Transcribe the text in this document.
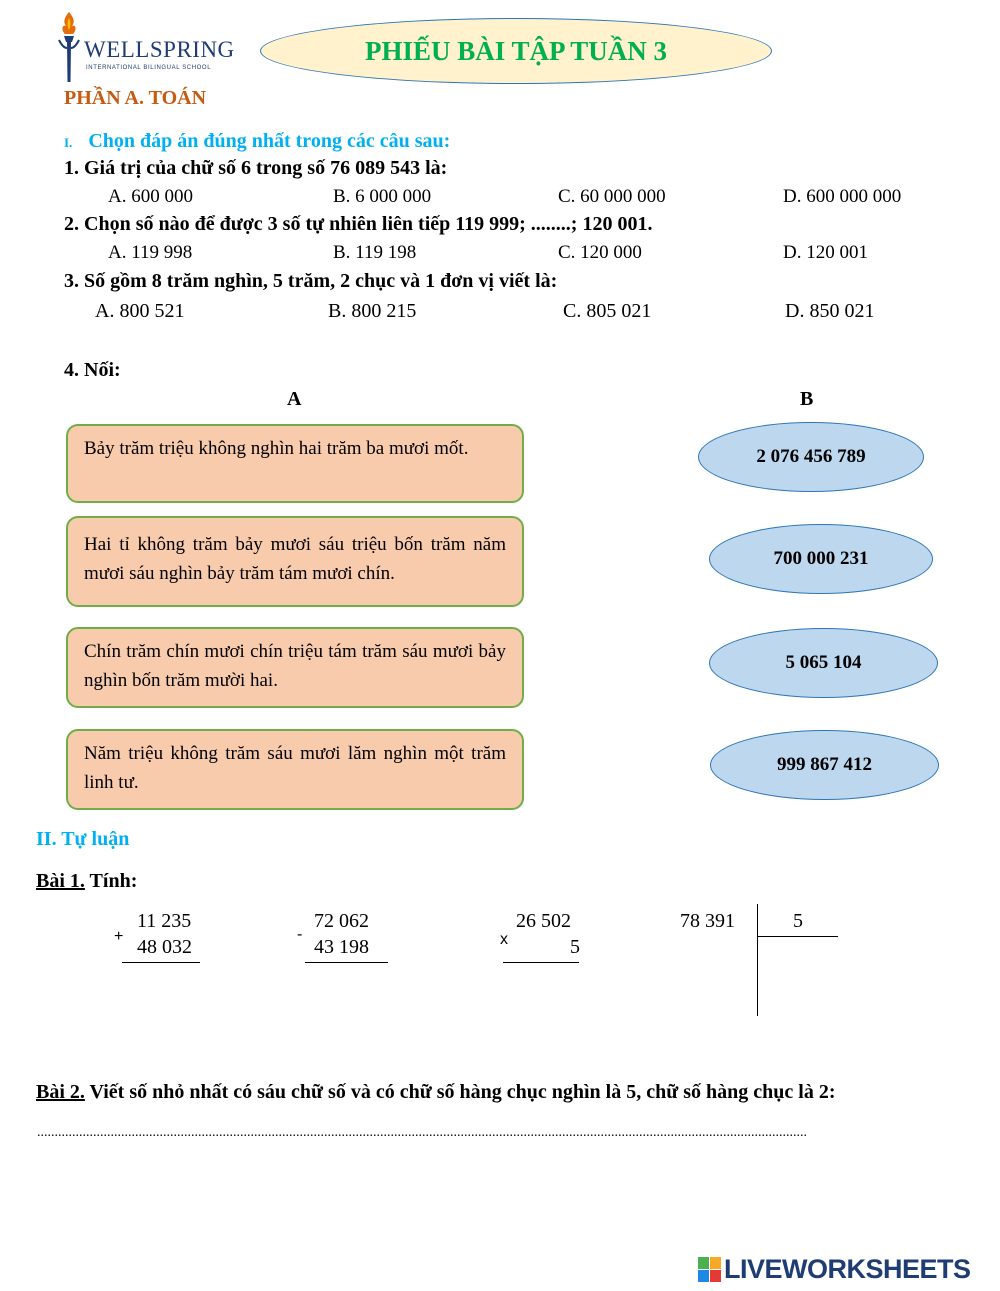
WELLSPRING
INTERNATIONAL BILINGUAL SCHOOL
PHIẾU BÀI TẬP TUẦN 3
PHẦN A. TOÁN
I. Chọn đáp án đúng nhất trong các câu sau:
1. Giá trị của chữ số 6 trong số 76 089 543 là:
A. 600 000	B. 6 000 000	C. 60 000 000	D. 600 000 000
2. Chọn số nào để được 3 số tự nhiên liên tiếp 119 999; ........; 120 001.
A. 119 998	B. 119 198	C. 120 000	D. 120 001
3. Số gồm 8 trăm nghìn, 5 trăm, 2 chục và 1 đơn vị viết là:
A. 800 521	B. 800 215	C. 805 021	D. 850 021
4. Nối:
A	B
Bảy trăm triệu không nghìn hai trăm ba mươi mốt.
Hai tỉ không trăm bảy mươi sáu triệu bốn trăm năm mươi sáu nghìn bảy trăm tám mươi chín.
Chín trăm chín mươi chín triệu tám trăm sáu mươi bảy nghìn bốn trăm mười hai.
Năm triệu không trăm sáu mươi lăm nghìn một trăm linh tư.
2 076 456 789
700 000 231
5 065 104
999 867 412
II. Tự luận
Bài 1. Tính:
11 235
+ 48 032
72 062
-
43 198
26 502
x	5
78 391	5
Bài 2. Viết số nhỏ nhất có sáu chữ số và có chữ số hàng chục nghìn là 5, chữ số hàng chục là 2:
............................................................................................................................................................................................................................
LIVEWORKSHEETS
